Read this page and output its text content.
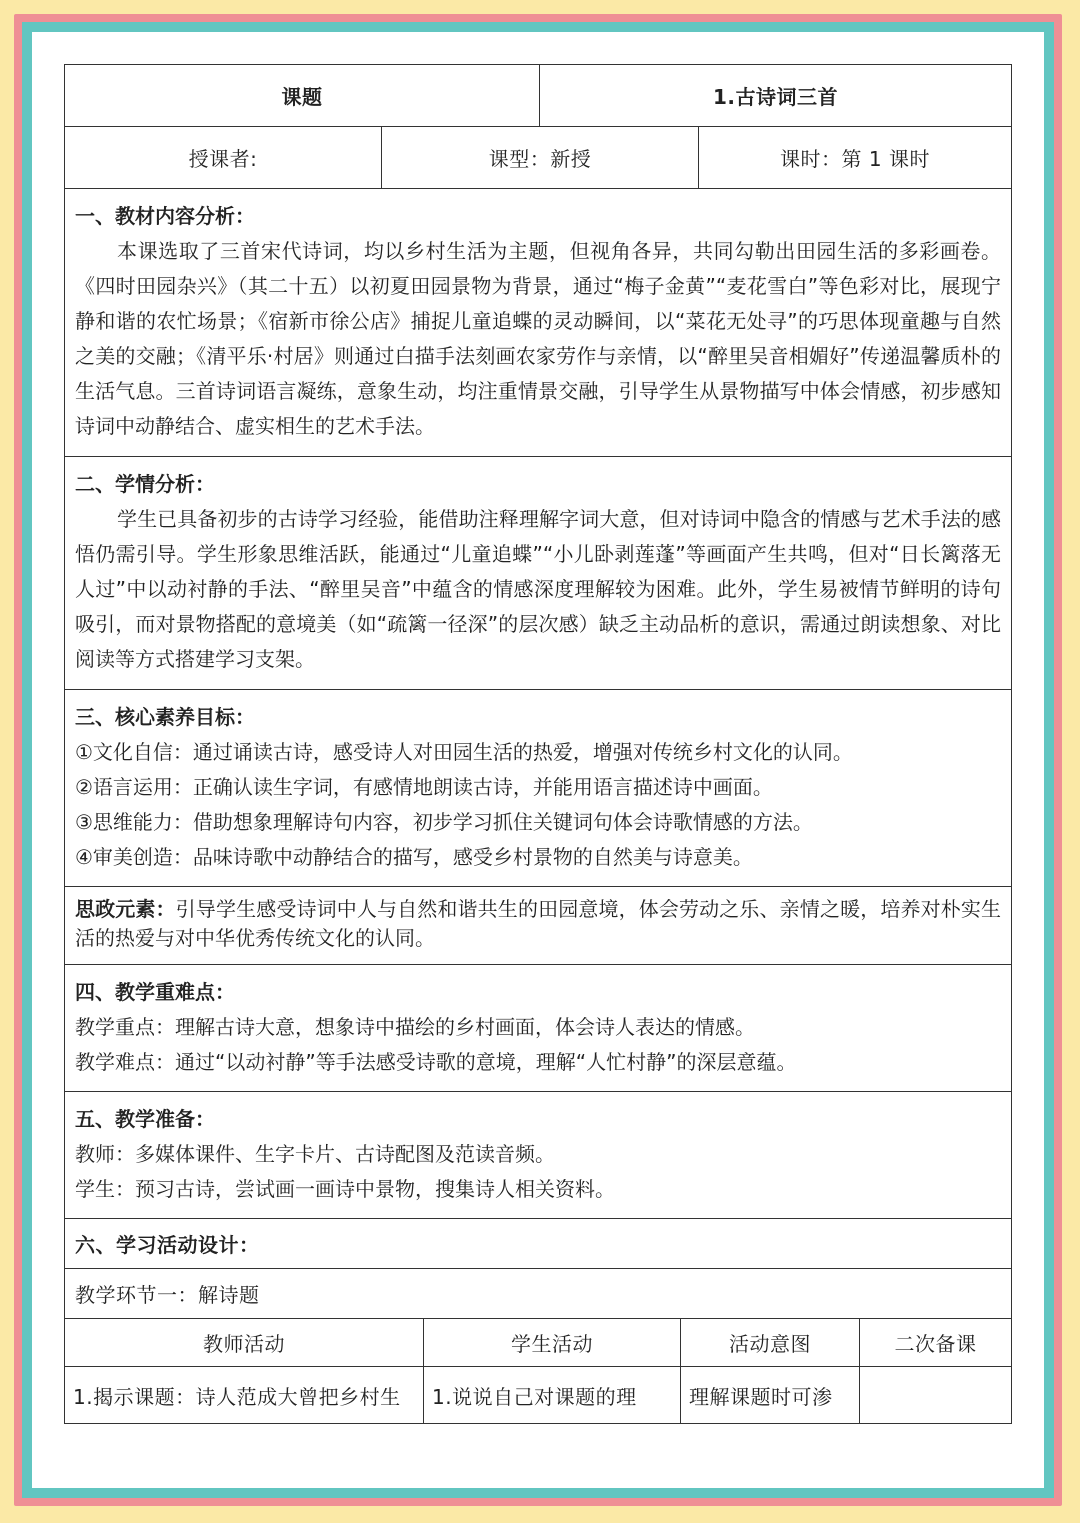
课题	1.古诗词三首
授课者:	课型：新授	课时：第 1 课时
一、教材内容分析：

本课选取了三首宋代诗词，均以乡村生活为主题，但视角各异，共同勾勒出田园生活的多彩画卷。《四时田园杂兴》（其二十五）以初夏田园景物为背景，通过“梅子金黄”“麦花雪白”等色彩对比，展现宁静和谐的农忙场景；《宿新市徐公店》捕捉儿童追蝶的灵动瞬间，以“菜花无处寻”的巧思体现童趣与自然之美的交融；《清平乐·村居》则通过白描手法刻画农家劳作与亲情，以“醉里吴音相媚好”传递温馨质朴的生活气息。三首诗词语言凝练，意象生动，均注重情景交融，引导学生从景物描写中体会情感，初步感知诗词中动静结合、虚实相生的艺术手法。

二、学情分析：

学生已具备初步的古诗学习经验，能借助注释理解字词大意，但对诗词中隐含的情感与艺术手法的感悟仍需引导。学生形象思维活跃，能通过“儿童追蝶”“小儿卧剥莲蓬”等画面产生共鸣，但对“日长篱落无人过”中以动衬静的手法、“醉里吴音”中蕴含的情感深度理解较为困难。此外，学生易被情节鲜明的诗句吸引，而对景物搭配的意境美（如“疏篱一径深”的层次感）缺乏主动品析的意识，需通过朗读想象、对比阅读等方式搭建学习支架。

三、核心素养目标：
①文化自信：通过诵读古诗，感受诗人对田园生活的热爱，增强对传统乡村文化的认同。
②语言运用：正确认读生字词，有感情地朗读古诗，并能用语言描述诗中画面。
③思维能力：借助想象理解诗句内容，初步学习抓住关键词句体会诗歌情感的方法。
④审美创造：品味诗歌中动静结合的描写，感受乡村景物的自然美与诗意美。

思政元素：引导学生感受诗词中人与自然和谐共生的田园意境，体会劳动之乐、亲情之暖，培养对朴实生活的热爱与对中华优秀传统文化的认同。

四、教学重难点：
教学重点：理解古诗大意，想象诗中描绘的乡村画面，体会诗人表达的情感。
教学难点：通过“以动衬静”等手法感受诗歌的意境，理解“人忙村静”的深层意蕴。
五、教学准备：
教师：多媒体课件、生字卡片、古诗配图及范读音频。
学生：预习古诗，尝试画一画诗中景物，搜集诗人相关资料。
六、学习活动设计：
教学环节一：解诗题
教师活动	学生活动	活动意图	二次备课
1.揭示课题：诗人范成大曾把乡村生	1.说说自己对课题的理	理解课题时可渗
